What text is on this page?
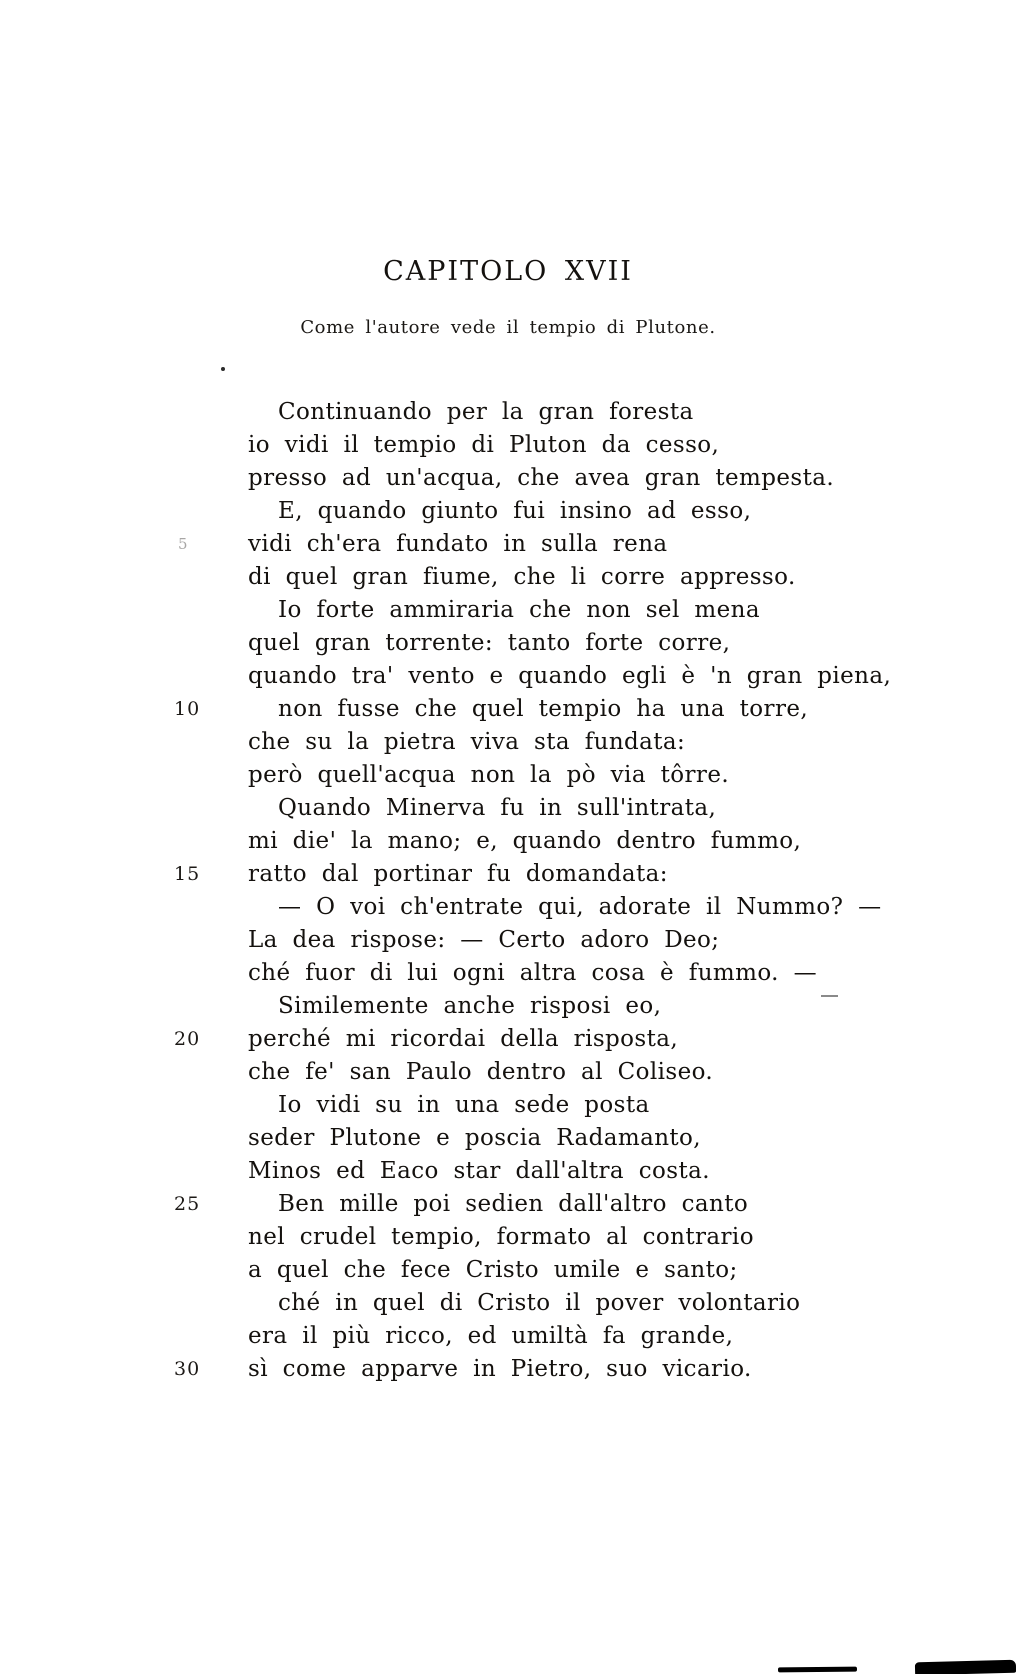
CAPITOLO XVII
Come l'autore vede il tempio di Plutone.
Continuando per la gran foresta
io vidi il tempio di Pluton da cesso,
presso ad un'acqua, che avea gran tempesta.
E, quando giunto fui insino ad esso,
5	vidi ch'era fundato in sulla rena
di quel gran fiume, che li corre appresso.
Io forte ammiraria che non sel mena
quel gran torrente: tanto forte corre,
quando tra' vento e quando egli è 'n gran piena,
10	non fusse che quel tempio ha una torre,
che su la pietra viva sta fundata:
però quell'acqua non la pò via tôrre.
Quando Minerva fu in sull'intrata,
mi die' la mano; e, quando dentro fummo,
15	ratto dal portinar fu domandata:
— O voi ch'entrate qui, adorate il Nummo? —
La dea rispose: — Certo adoro Deo;
ché fuor di lui ogni altra cosa è fummo. —
Similemente anche risposi eo,
20	perché mi ricordai della risposta,
che fe' san Paulo dentro al Coliseo.
Io vidi su in una sede posta
seder Plutone e poscia Radamanto,
Minos ed Eaco star dall'altra costa.
25	Ben mille poi sedien dall'altro canto
nel crudel tempio, formato al contrario
a quel che fece Cristo umile e santo;
ché in quel di Cristo il pover volontario
era il più ricco, ed umiltà fa grande,
30	sì come apparve in Pietro, suo vicario.
